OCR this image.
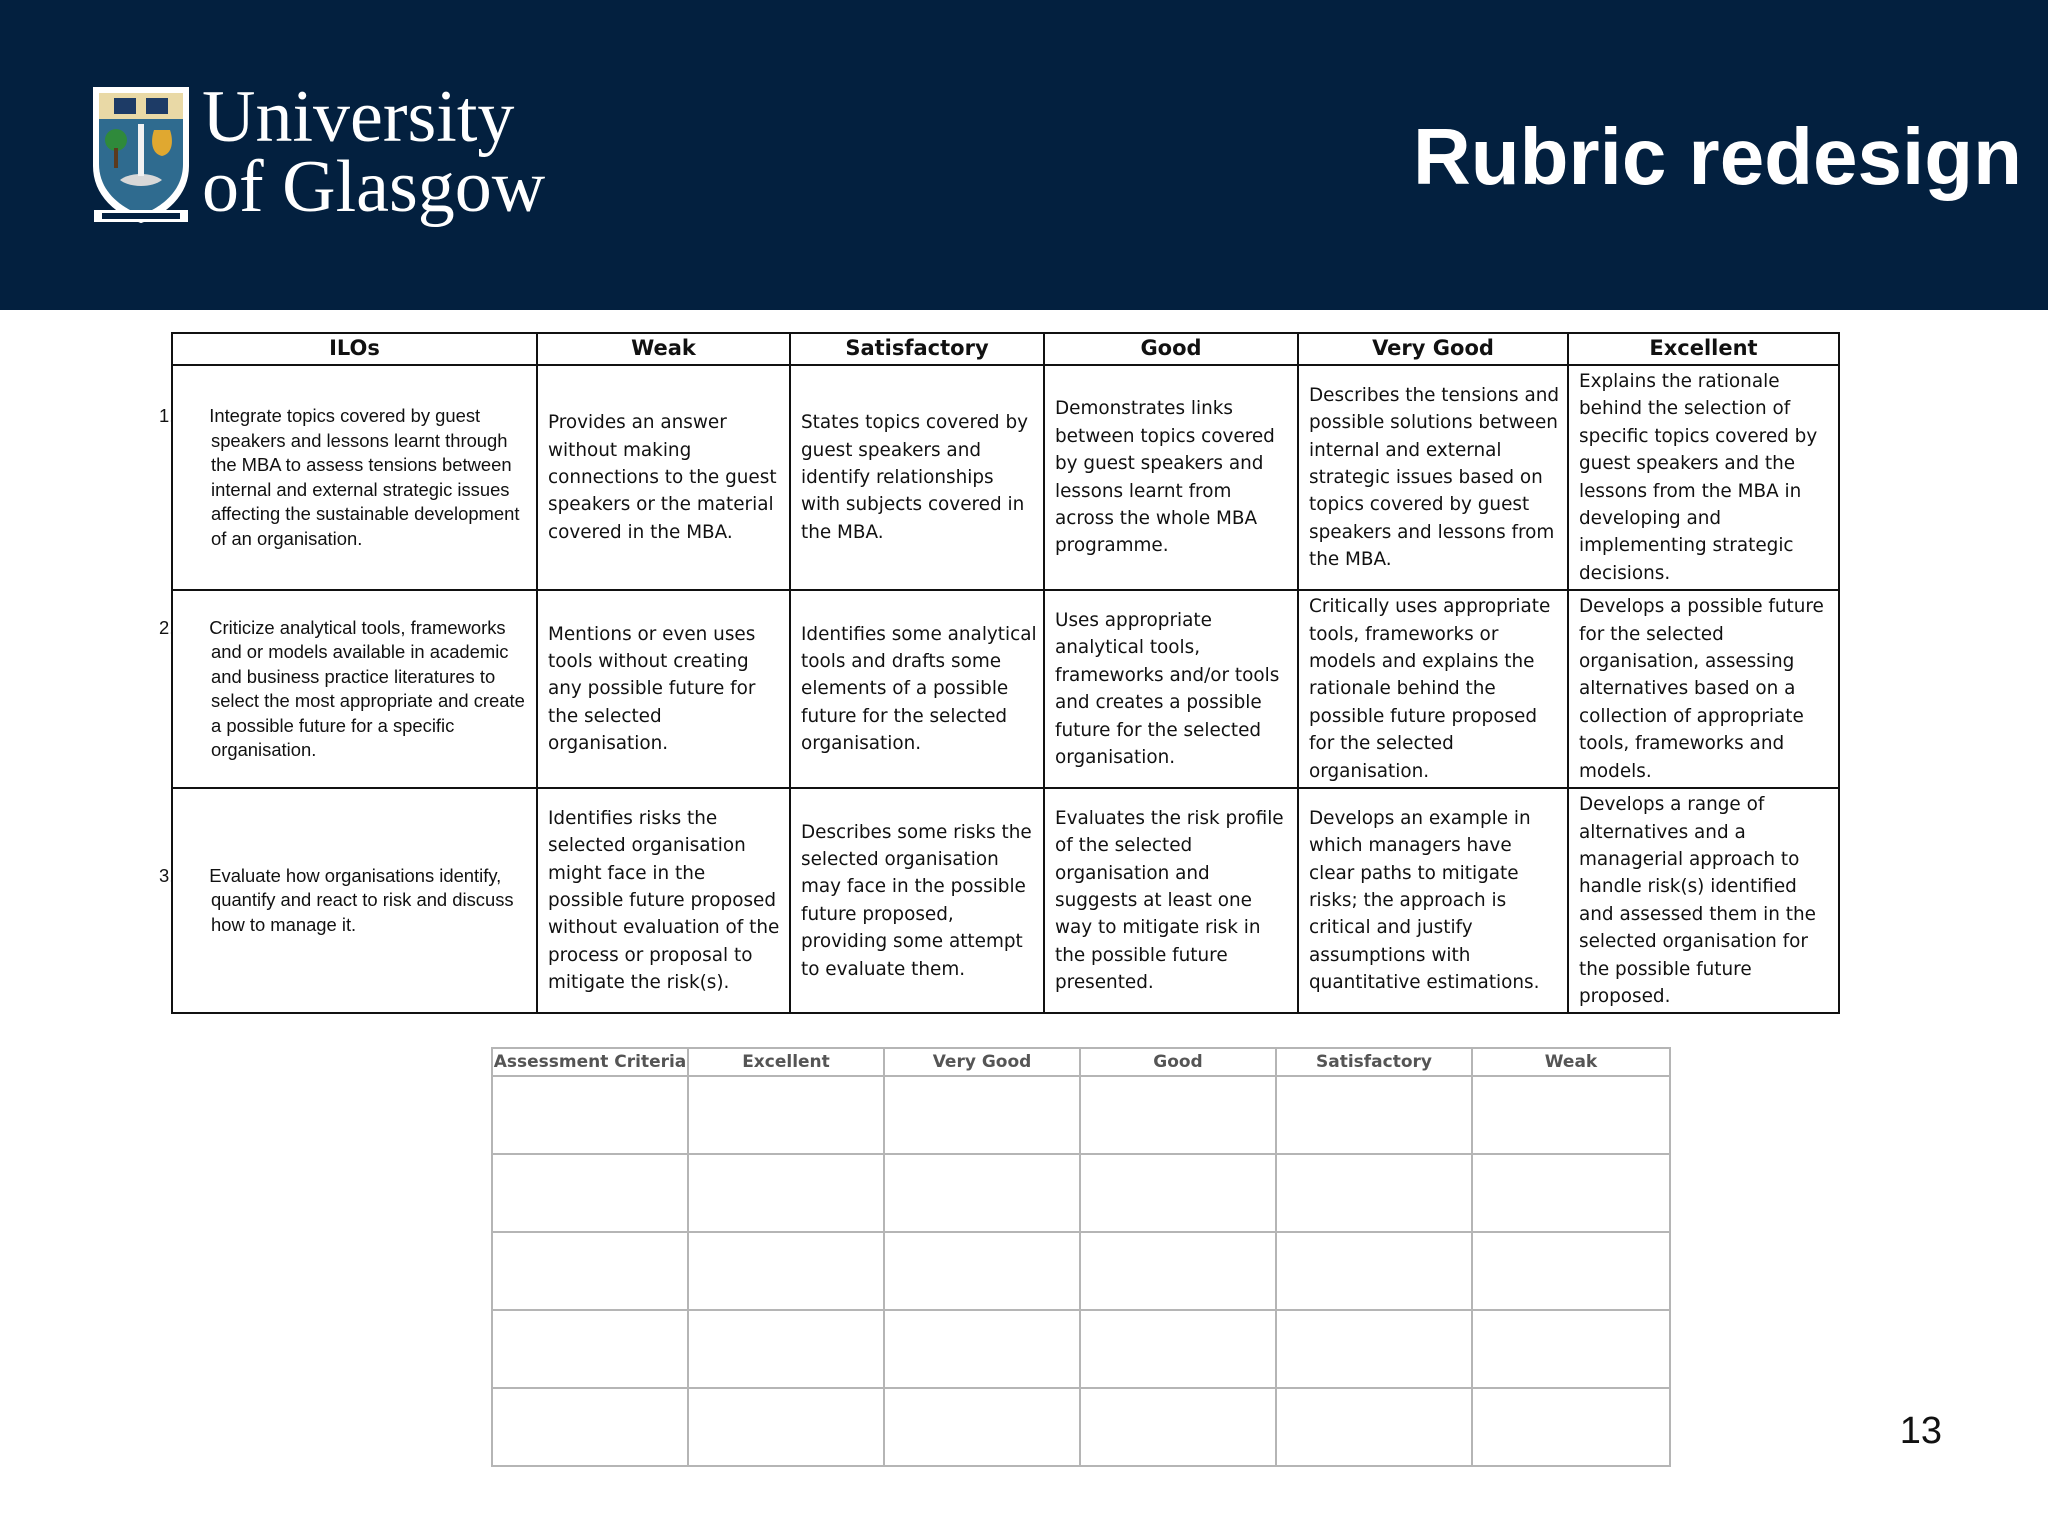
University
of Glasgow	Rubric redesign
ILOs	Weak	Satisfactory	Good	Very Good	Excellent

1. Integrate topics covered by guest speakers and lessons learnt through the MBA to assess tensions between internal and external strategic issues affecting the sustainable development of an organisation.	Provides an answer without making connections to the guest speakers or the material covered in the MBA.	States topics covered by guest speakers and identify relationships with subjects covered in the MBA.	Demonstrates links between topics covered by guest speakers and lessons learnt from across the whole MBA programme.	Describes the tensions and possible solutions between internal and external strategic issues based on topics covered by guest speakers and lessons from the MBA.	Explains the rationale behind the selection of specific topics covered by guest speakers and the lessons from the MBA in developing and implementing strategic decisions.

2. Criticize analytical tools, frameworks and or models available in academic and business practice literatures to select the most appropriate and create a possible future for a specific organisation.	Mentions or even uses tools without creating any possible future for the selected organisation.	Identifies some analytical tools and drafts some elements of a possible future for the selected organisation.	Uses appropriate analytical tools, frameworks and/or tools and creates a possible future for the selected organisation.	Critically uses appropriate tools, frameworks or models and explains the rationale behind the possible future proposed for the selected organisation.	Develops a possible future for the selected organisation, assessing alternatives based on a collection of appropriate tools, frameworks and models.

3. Evaluate how organisations identify, quantify and react to risk and discuss how to manage it.	Identifies risks the selected organisation might face in the possible future proposed without evaluation of the process or proposal to mitigate the risk(s).	Describes some risks the selected organisation may face in the possible future proposed, providing some attempt to evaluate them.	Evaluates the risk profile of the selected organisation and suggests at least one way to mitigate risk in the possible future presented.	Develops an example in which managers have clear paths to mitigate risks; the approach is critical and justify assumptions with quantitative estimations.	Develops a range of alternatives and a managerial approach to handle risk(s) identified and assessed them in the selected organisation for the possible future proposed.
Assessment Criteria	Excellent	Very Good	Good	Satisfactory	Weak

13
